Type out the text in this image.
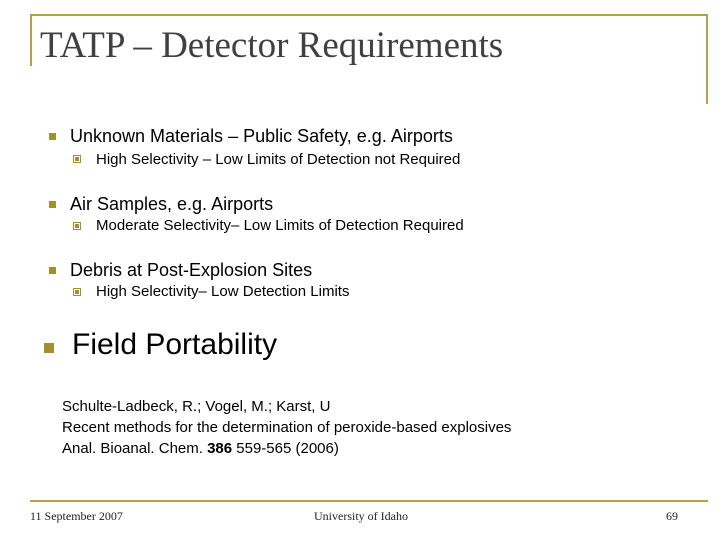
TATP – Detector Requirements
Unknown Materials – Public Safety, e.g. Airports
High Selectivity – Low Limits of Detection not Required
Air Samples, e.g. Airports
Moderate Selectivity– Low Limits of Detection Required
Debris at Post-Explosion Sites
High Selectivity– Low Detection Limits
Field Portability
Schulte-Ladbeck, R.; Vogel, M.; Karst, U
Recent methods for the determination of peroxide-based explosives
Anal. Bioanal. Chem. 386 559-565 (2006)
11 September 2007	University of Idaho	69
